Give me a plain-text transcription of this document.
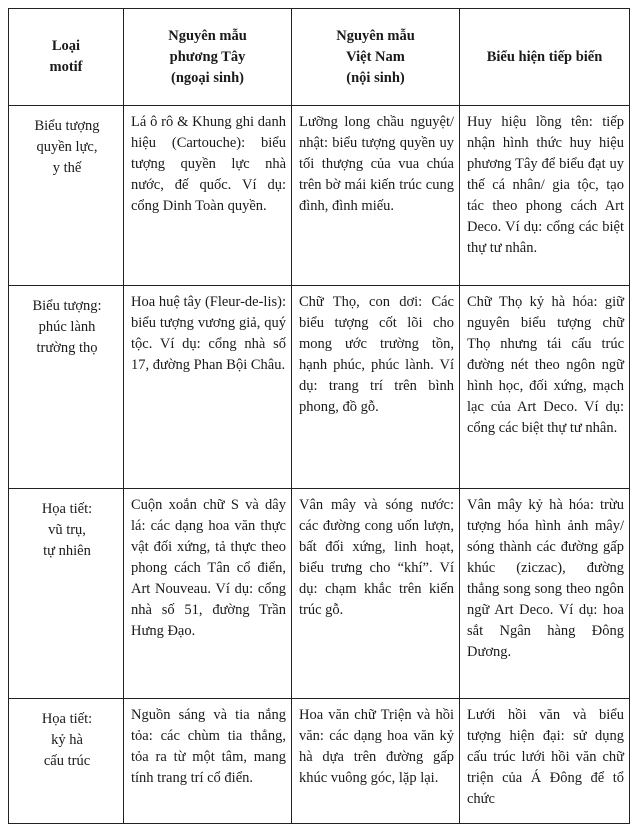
Loại
motif	Nguyên mẫu
phương Tây
(ngoại sinh)	Nguyên mẫu
Việt Nam
(nội sinh)	Biểu hiện tiếp biến

Biểu tượng
quyền lực,
y thế	Lá ô rô & Khung ghi danh hiệu (Cartouche): biểu tượng quyền lực nhà nước, đế quốc. Ví dụ: cổng Dinh Toàn quyền.	Lưỡng long chầu nguyệt/ nhật: biểu tượng quyền uy tối thượng của vua chúa trên bờ mái kiến trúc cung đình, đình miếu.	Huy hiệu lồng tên: tiếp nhận hình thức huy hiệu phương Tây để biểu đạt uy thế cá nhân/ gia tộc, tạo tác theo phong cách Art Deco. Ví dụ: cổng các biệt thự tư nhân.

Biểu tượng:
phúc lành
trường thọ	Hoa huệ tây (Fleur-de-lis): biểu tượng vương giả, quý tộc. Ví dụ: cổng nhà số 17, đường Phan Bội Châu.	Chữ Thọ, con dơi: Các biểu tượng cốt lõi cho mong ước trường tồn, hạnh phúc, phúc lành. Ví dụ: trang trí trên bình phong, đồ gỗ.	Chữ Thọ kỷ hà hóa: giữ nguyên biểu tượng chữ Thọ nhưng tái cấu trúc đường nét theo ngôn ngữ hình học, đối xứng, mạch lạc của Art Deco. Ví dụ: cổng các biệt thự tư nhân.

Họa tiết:
vũ trụ,
tự nhiên	Cuộn xoắn chữ S và dây lá: các dạng hoa văn thực vật đối xứng, tả thực theo phong cách Tân cổ điển, Art Nouveau. Ví dụ: cổng nhà số 51, đường Trần Hưng Đạo.	Vân mây và sóng nước: các đường cong uốn lượn, bất đối xứng, linh hoạt, biểu trưng cho “khí”. Ví dụ: chạm khắc trên kiến trúc gỗ.	Vân mây kỷ hà hóa: trừu tượng hóa hình ảnh mây/ sóng thành các đường gấp khúc (ziczac), đường thẳng song song theo ngôn ngữ Art Deco. Ví dụ: hoa sắt Ngân hàng Đông Dương.

Họa tiết:
kỷ hà
cấu trúc	Nguồn sáng và tia nắng tỏa: các chùm tia thẳng, tỏa ra từ một tâm, mang tính trang trí cổ điển.	Hoa văn chữ Triện và hồi văn: các dạng hoa văn kỷ hà dựa trên đường gấp khúc vuông góc, lặp lại.	Lưới hồi văn và biểu tượng hiện đại: sử dụng cấu trúc lưới hồi văn chữ triện của Á Đông để tổ chức
